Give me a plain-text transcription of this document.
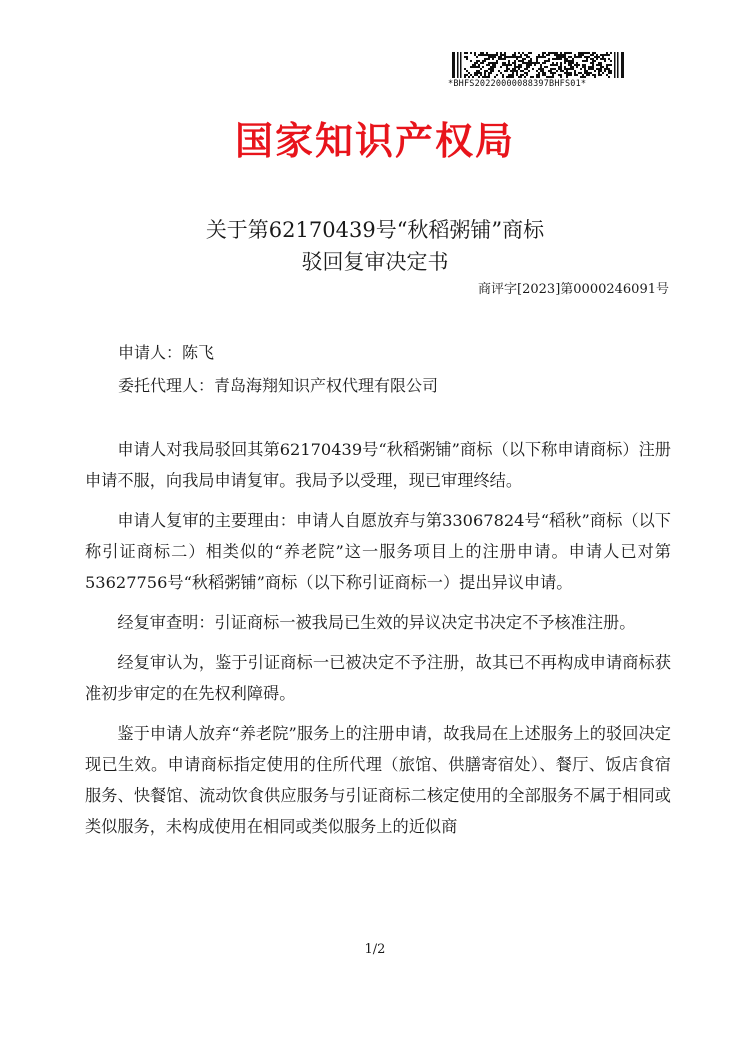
*BHFS20220000088397BHFS01*
国家知识产权局
关于第62170439号“秋稻粥铺”商标
驳回复审决定书
商评字[2023]第0000246091号
申请人：陈飞
委托代理人：青岛海翔知识产权代理有限公司

申请人对我局驳回其第62170439号“秋稻粥铺”商标（以下称申请商标）注册申请不服，向我局申请复审。我局予以受理，现已审理终结。

申请人复审的主要理由：申请人自愿放弃与第33067824号“稻秋”商标（以下称引证商标二）相类似的“养老院”这一服务项目上的注册申请。申请人已对第53627756号“秋稻粥铺”商标（以下称引证商标一）提出异议申请。

经复审查明：引证商标一被我局已生效的异议决定书决定不予核准注册。

经复审认为，鉴于引证商标一已被决定不予注册，故其已不再构成申请商标获准初步审定的在先权利障碍。

鉴于申请人放弃“养老院”服务上的注册申请，故我局在上述服务上的驳回决定现已生效。申请商标指定使用的住所代理（旅馆、供膳寄宿处）、餐厅、饭店食宿服务、快餐馆、流动饮食供应服务与引证商标二核定使用的全部服务不属于相同或类似服务，未构成使用在相同或类似服务上的近似商

1/2
